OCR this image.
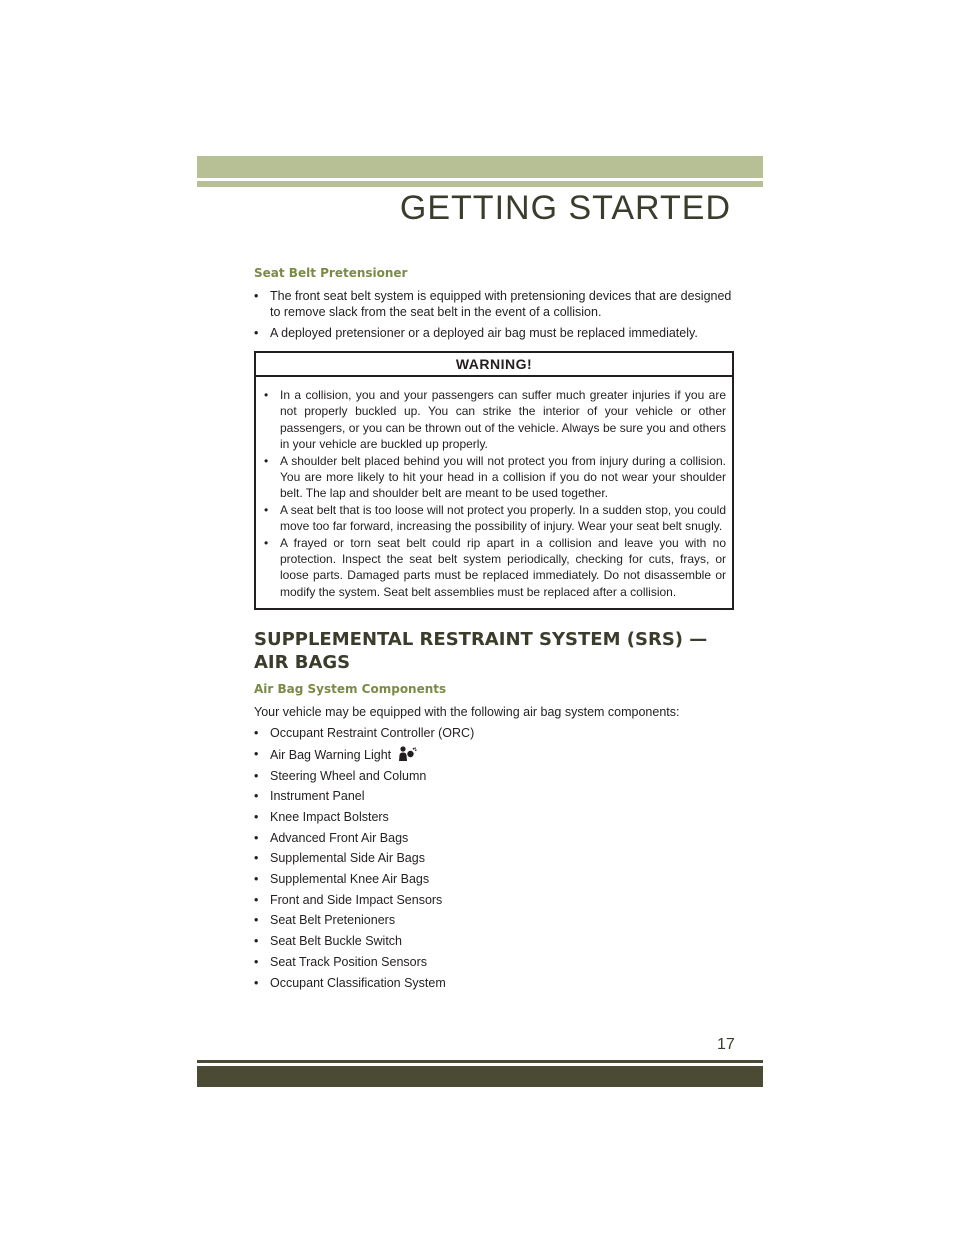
GETTING STARTED
Seat Belt Pretensioner
• The front seat belt system is equipped with pretensioning devices that are designed to remove slack from the seat belt in the event of a collision.
• A deployed pretensioner or a deployed air bag must be replaced immediately.
WARNING!
• In a collision, you and your passengers can suffer much greater injuries if you are not properly buckled up. You can strike the interior of your vehicle or other passengers, or you can be thrown out of the vehicle. Always be sure you and others in your vehicle are buckled up properly.
• A shoulder belt placed behind you will not protect you from injury during a collision. You are more likely to hit your head in a collision if you do not wear your shoulder belt. The lap and shoulder belt are meant to be used together.
• A seat belt that is too loose will not protect you properly. In a sudden stop, you could move too far forward, increasing the possibility of injury. Wear your seat belt snugly.
• A frayed or torn seat belt could rip apart in a collision and leave you with no protection. Inspect the seat belt system periodically, checking for cuts, frays, or loose parts. Damaged parts must be replaced immediately. Do not disassemble or modify the system. Seat belt assemblies must be replaced after a collision.
SUPPLEMENTAL RESTRAINT SYSTEM (SRS) —
AIR BAGS
Air Bag System Components

Your vehicle may be equipped with the following air bag system components:

• Occupant Restraint Controller (ORC)
• Air Bag Warning Light
• Steering Wheel and Column
• Instrument Panel
• Knee Impact Bolsters
• Advanced Front Air Bags
• Supplemental Side Air Bags
• Supplemental Knee Air Bags
• Front and Side Impact Sensors
• Seat Belt Pretenioners
• Seat Belt Buckle Switch
• Seat Track Position Sensors
• Occupant Classification System
17
